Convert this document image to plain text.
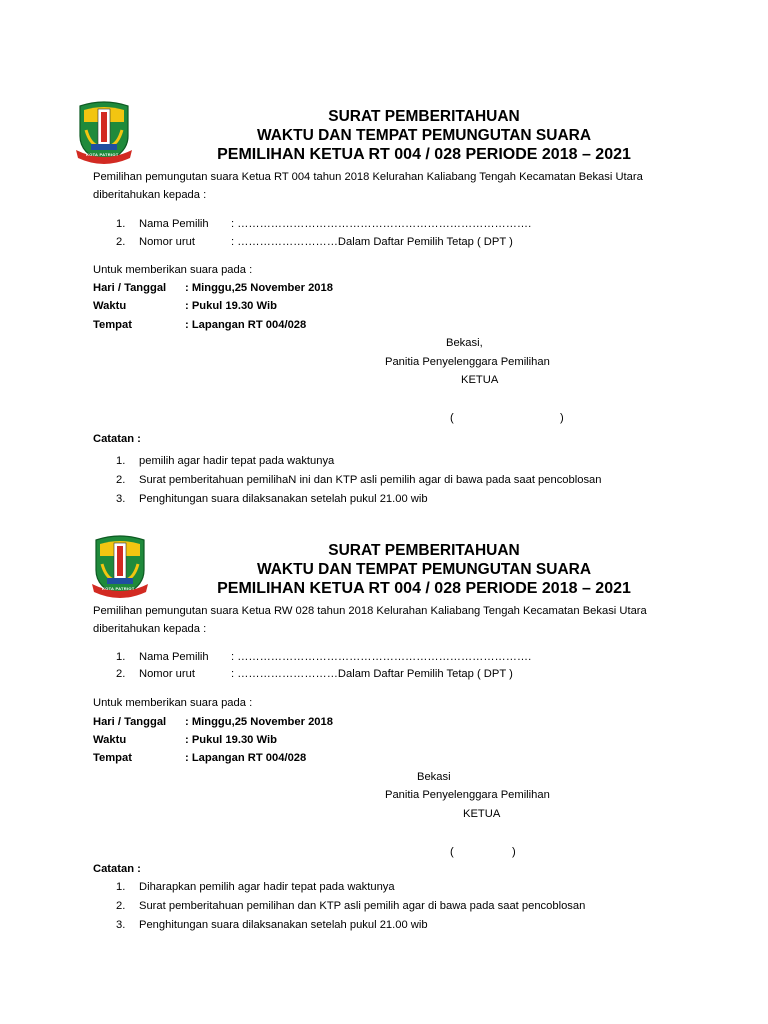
KOTA PATRIOT
SURAT PEMBERITAHUAN
WAKTU DAN TEMPAT PEMUNGUTAN SUARA
PEMILIHAN KETUA RT 004 / 028 PERIODE 2018 – 2021
Pemilihan pemungutan suara Ketua RT 004 tahun 2018 Kelurahan Kaliabang Tengah Kecamatan Bekasi Utara
diberitahukan kepada :
1. Nama Pemilih : …………………………………………………………………….
2. Nomor urut	: ………………………Dalam Daftar Pemilih Tetap ( DPT )
Untuk memberikan suara pada :
Hari / Tanggal : Minggu,25 November 2018
Waktu	: Pukul 19.30 Wib
Tempat	: Lapangan RT 004/028
Bekasi,
Panitia Penyelenggara Pemilihan
KETUA
(	)
Catatan :
1. pemilih agar hadir tepat pada waktunya
2. Surat pemberitahuan pemilihaN ini dan KTP asli pemilih agar di bawa pada saat pencoblosan
3. Penghitungan suara dilaksanakan setelah pukul 21.00 wib
KOTA PATRIOT
SURAT PEMBERITAHUAN
WAKTU DAN TEMPAT PEMUNGUTAN SUARA
PEMILIHAN KETUA RT 004 / 028 PERIODE 2018 – 2021
Pemilihan pemungutan suara Ketua RW 028 tahun 2018 Kelurahan Kaliabang Tengah Kecamatan Bekasi Utara
diberitahukan kepada :
1. Nama Pemilih : …………………………………………………………………….
2. Nomor urut	: ………………………Dalam Daftar Pemilih Tetap ( DPT )
Untuk memberikan suara pada :
Hari / Tanggal : Minggu,25 November 2018
Waktu	: Pukul 19.30 Wib
Tempat	: Lapangan RT 004/028
Bekasi
Panitia Penyelenggara Pemilihan
KETUA
(	)
Catatan :
1. Diharapkan pemilih agar hadir tepat pada waktunya
2. Surat pemberitahuan pemilihan dan KTP asli pemilih agar di bawa pada saat pencoblosan
3. Penghitungan suara dilaksanakan setelah pukul 21.00 wib
